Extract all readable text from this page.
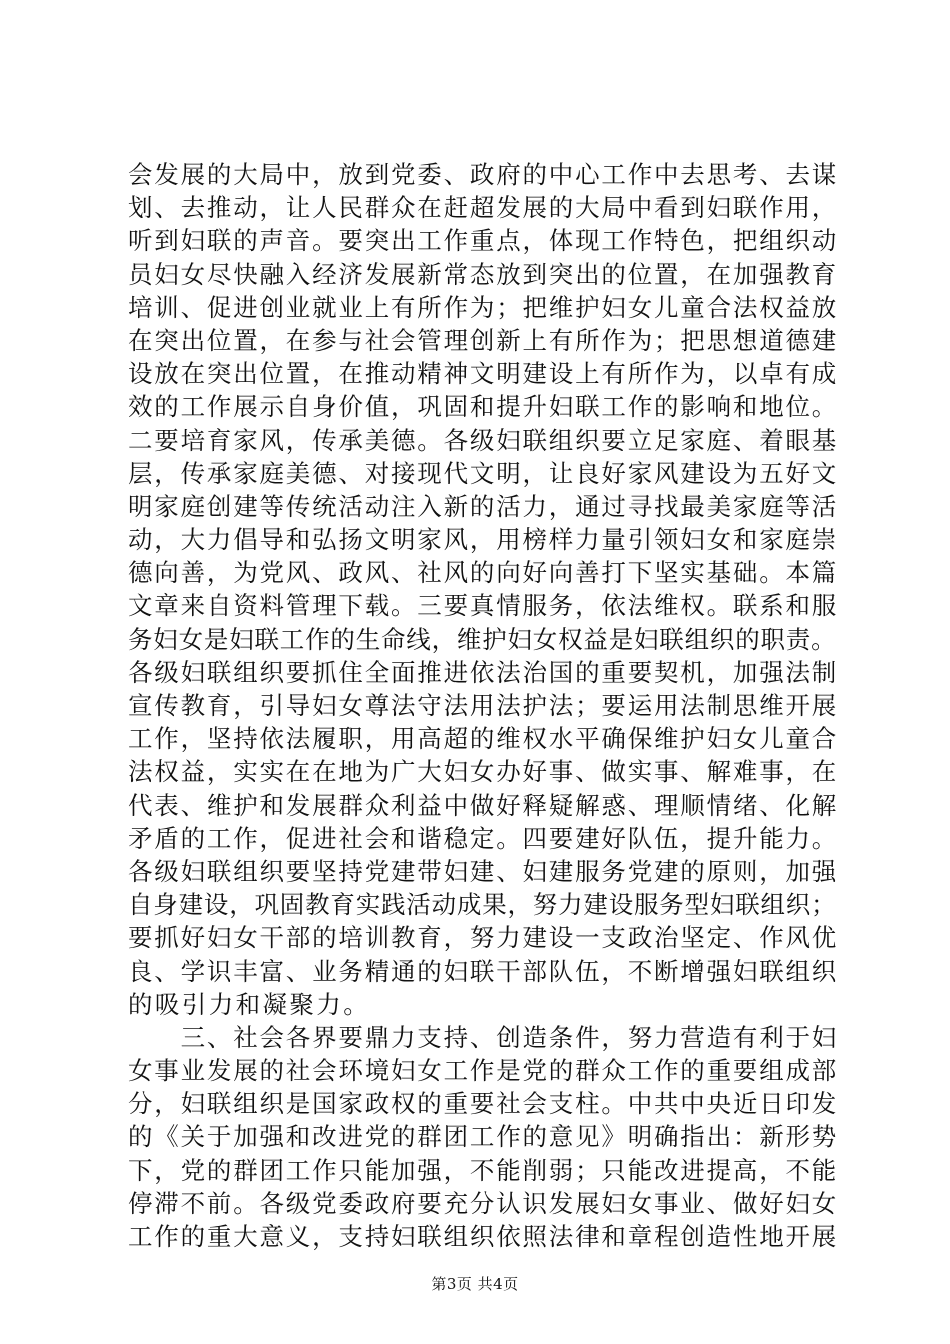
会发展的大局中，放到党委、政府的中心工作中去思考、去谋
划、去推动，让人民群众在赶超发展的大局中看到妇联作用，
听到妇联的声音。要突出工作重点，体现工作特色，把组织动
员妇女尽快融入经济发展新常态放到突出的位置，在加强教育
培训、促进创业就业上有所作为；把维护妇女儿童合法权益放
在突出位置，在参与社会管理创新上有所作为；把思想道德建
设放在突出位置，在推动精神文明建设上有所作为，以卓有成
效的工作展示自身价值，巩固和提升妇联工作的影响和地位。
二要培育家风，传承美德。各级妇联组织要立足家庭、着眼基
层，传承家庭美德、对接现代文明，让良好家风建设为五好文
明家庭创建等传统活动注入新的活力，通过寻找最美家庭等活
动，大力倡导和弘扬文明家风，用榜样力量引领妇女和家庭崇
德向善，为党风、政风、社风的向好向善打下坚实基础。本篇
文章来自资料管理下载。三要真情服务，依法维权。联系和服
务妇女是妇联工作的生命线，维护妇女权益是妇联组织的职责。
各级妇联组织要抓住全面推进依法治国的重要契机，加强法制
宣传教育，引导妇女尊法守法用法护法；要运用法制思维开展
工作，坚持依法履职，用高超的维权水平确保维护妇女儿童合
法权益，实实在在地为广大妇女办好事、做实事、解难事，在
代表、维护和发展群众利益中做好释疑解惑、理顺情绪、化解
矛盾的工作，促进社会和谐稳定。四要建好队伍，提升能力。
各级妇联组织要坚持党建带妇建、妇建服务党建的原则，加强
自身建设，巩固教育实践活动成果，努力建设服务型妇联组织；
要抓好妇女干部的培训教育，努力建设一支政治坚定、作风优
良、学识丰富、业务精通的妇联干部队伍，不断增强妇联组织
的吸引力和凝聚力。
　　三、社会各界要鼎力支持、创造条件，努力营造有利于妇
女事业发展的社会环境妇女工作是党的群众工作的重要组成部
分，妇联组织是国家政权的重要社会支柱。中共中央近日印发
的《关于加强和改进党的群团工作的意见》明确指出：新形势
下，党的群团工作只能加强，不能削弱；只能改进提高，不能
停滞不前。各级党委政府要充分认识发展妇女事业、做好妇女
工作的重大意义，支持妇联组织依照法律和章程创造性地开展
第3页 共4页
